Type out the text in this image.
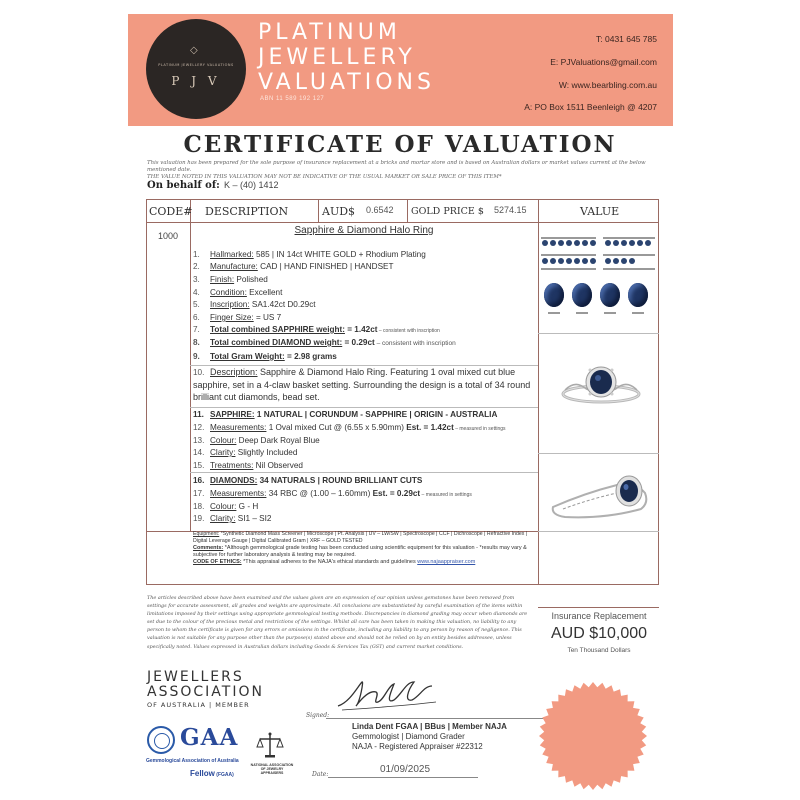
◇
PLATINUM JEWELLERY VALUATIONS
P J V
PLATINUM
JEWELLERY
VALUATIONS
ABN 11 589 192 127
T: 0431 645 785
E: PJValuations@gmail.com
W: www.bearbling.com.au
A: PO Box 1511 Beenleigh @ 4207
CERTIFICATE OF VALUATION
This valuation has been prepared for the sole purpose of insurance replacement at a bricks and mortar store and is based on Australian dollars or market values current at the below mentioned date.
THE VALUE NOTED IN THIS VALUATION MAY NOT BE INDICATIVE OF THE USUAL MARKET OR SALE PRICE OF THIS ITEM*
On behalf of: K – (40) 1412
CODE# DESCRIPTION	AUD$ 0.6542 GOLD PRICE $ 5274.15	VALUE
1000	Sapphire & Diamond Halo Ring
1. Hallmarked: 585 | IN 14ct WHITE GOLD + Rhodium Plating
2. Manufacture: CAD | HAND FINISHED | HANDSET
3. Finish: Polished
4. Condition: Excellent
5. Inscription: SA1.42ct D0.29ct
6. Finger Size: = US 7
7. Total combined SAPPHIRE weight: = 1.42ct – consistent with inscription
8. Total combined DIAMOND weight: = 0.29ct – consistent with inscription
9. Total Gram Weight: = 2.98 grams
10. Description: Sapphire & Diamond Halo Ring. Featuring 1 oval mixed cut blue sapphire, set in a 4-claw basket setting. Surrounding the design is a total of 34 round brilliant cut diamonds, bead set.
11. SAPPHIRE: 1 NATURAL | CORUNDUM - SAPPHIRE | ORIGIN - AUSTRALIA
12. Measurements: 1 Oval mixed Cut @ (6.55 x 5.90mm) Est. = 1.42ct – measured in settings
13. Colour: Deep Dark Royal Blue
14. Clarity: Slightly Included
15. Treatments: Nil Observed
16. DIAMONDS: 34 NATURALS | ROUND BRILLIANT CUTS
17. Measurements: 34 RBC @ (1.00 – 1.60mm) Est. = 0.29ct – measured in settings
18. Colour: G - H
19. Clarity: SI1 – SI2
Equipment: *Synthetic Diamond Mass Screener | Microscope | Pt. Analysis | UV – LW/SW | Spectroscope | CCF | Dichroscope | Refractive Index | Digital Leverage Gauge | Digital Calibrated Gram | XRF – GOLD TESTED
Comments: *Although gemmological grade testing has been conducted using scientific equipment for this valuation - *results may vary & subjective for further laboratory analysis & testing may be required.
CODE OF ETHICS: *This appraisal adheres to the NAJA's ethical standards and guidelines www.najaappraiser.com
The articles described above have been examined and the values given are an expression of our opinion unless gemstones have been removed from settings for accurate assessment, all grades and weights are approximate. All conclusions are substantiated by careful examination of the items within limitations imposed by their settings using appropriate gemmological testing methods. Discrepancies in diamond grading may occur when diamonds are set due to the colour of the precious metal and restrictions of the settings. Whilst all care has been taken in making this valuation, no liability to any person to whom the certificate is given for any errors or omissions in the certificate, including any liability to any person by reason of negligence. This valuation is not suitable for any purpose other than the purpose(s) stated above and should not be relied on by an entity besides addressee, unless specifically noted. Values expressed in Australian dollars including Goods & Services Tax (GST) and current market conditions.
Insurance Replacement
AUD $10,000
Ten Thousand Dollars
JEWELLERS
ASSOCIATION
OF AUSTRALIA | MEMBER
GAA
Gemmological Association of Australia
Fellow (FGAA)
NATIONAL ASSOCIATION OF JEWELRY APPRAISERS
Signed:
Linda Dent FGAA | BBus | Member NAJA
Gemmologist | Diamond Grader
NAJA - Registered Appraiser #22312
Date:	01/09/2025
